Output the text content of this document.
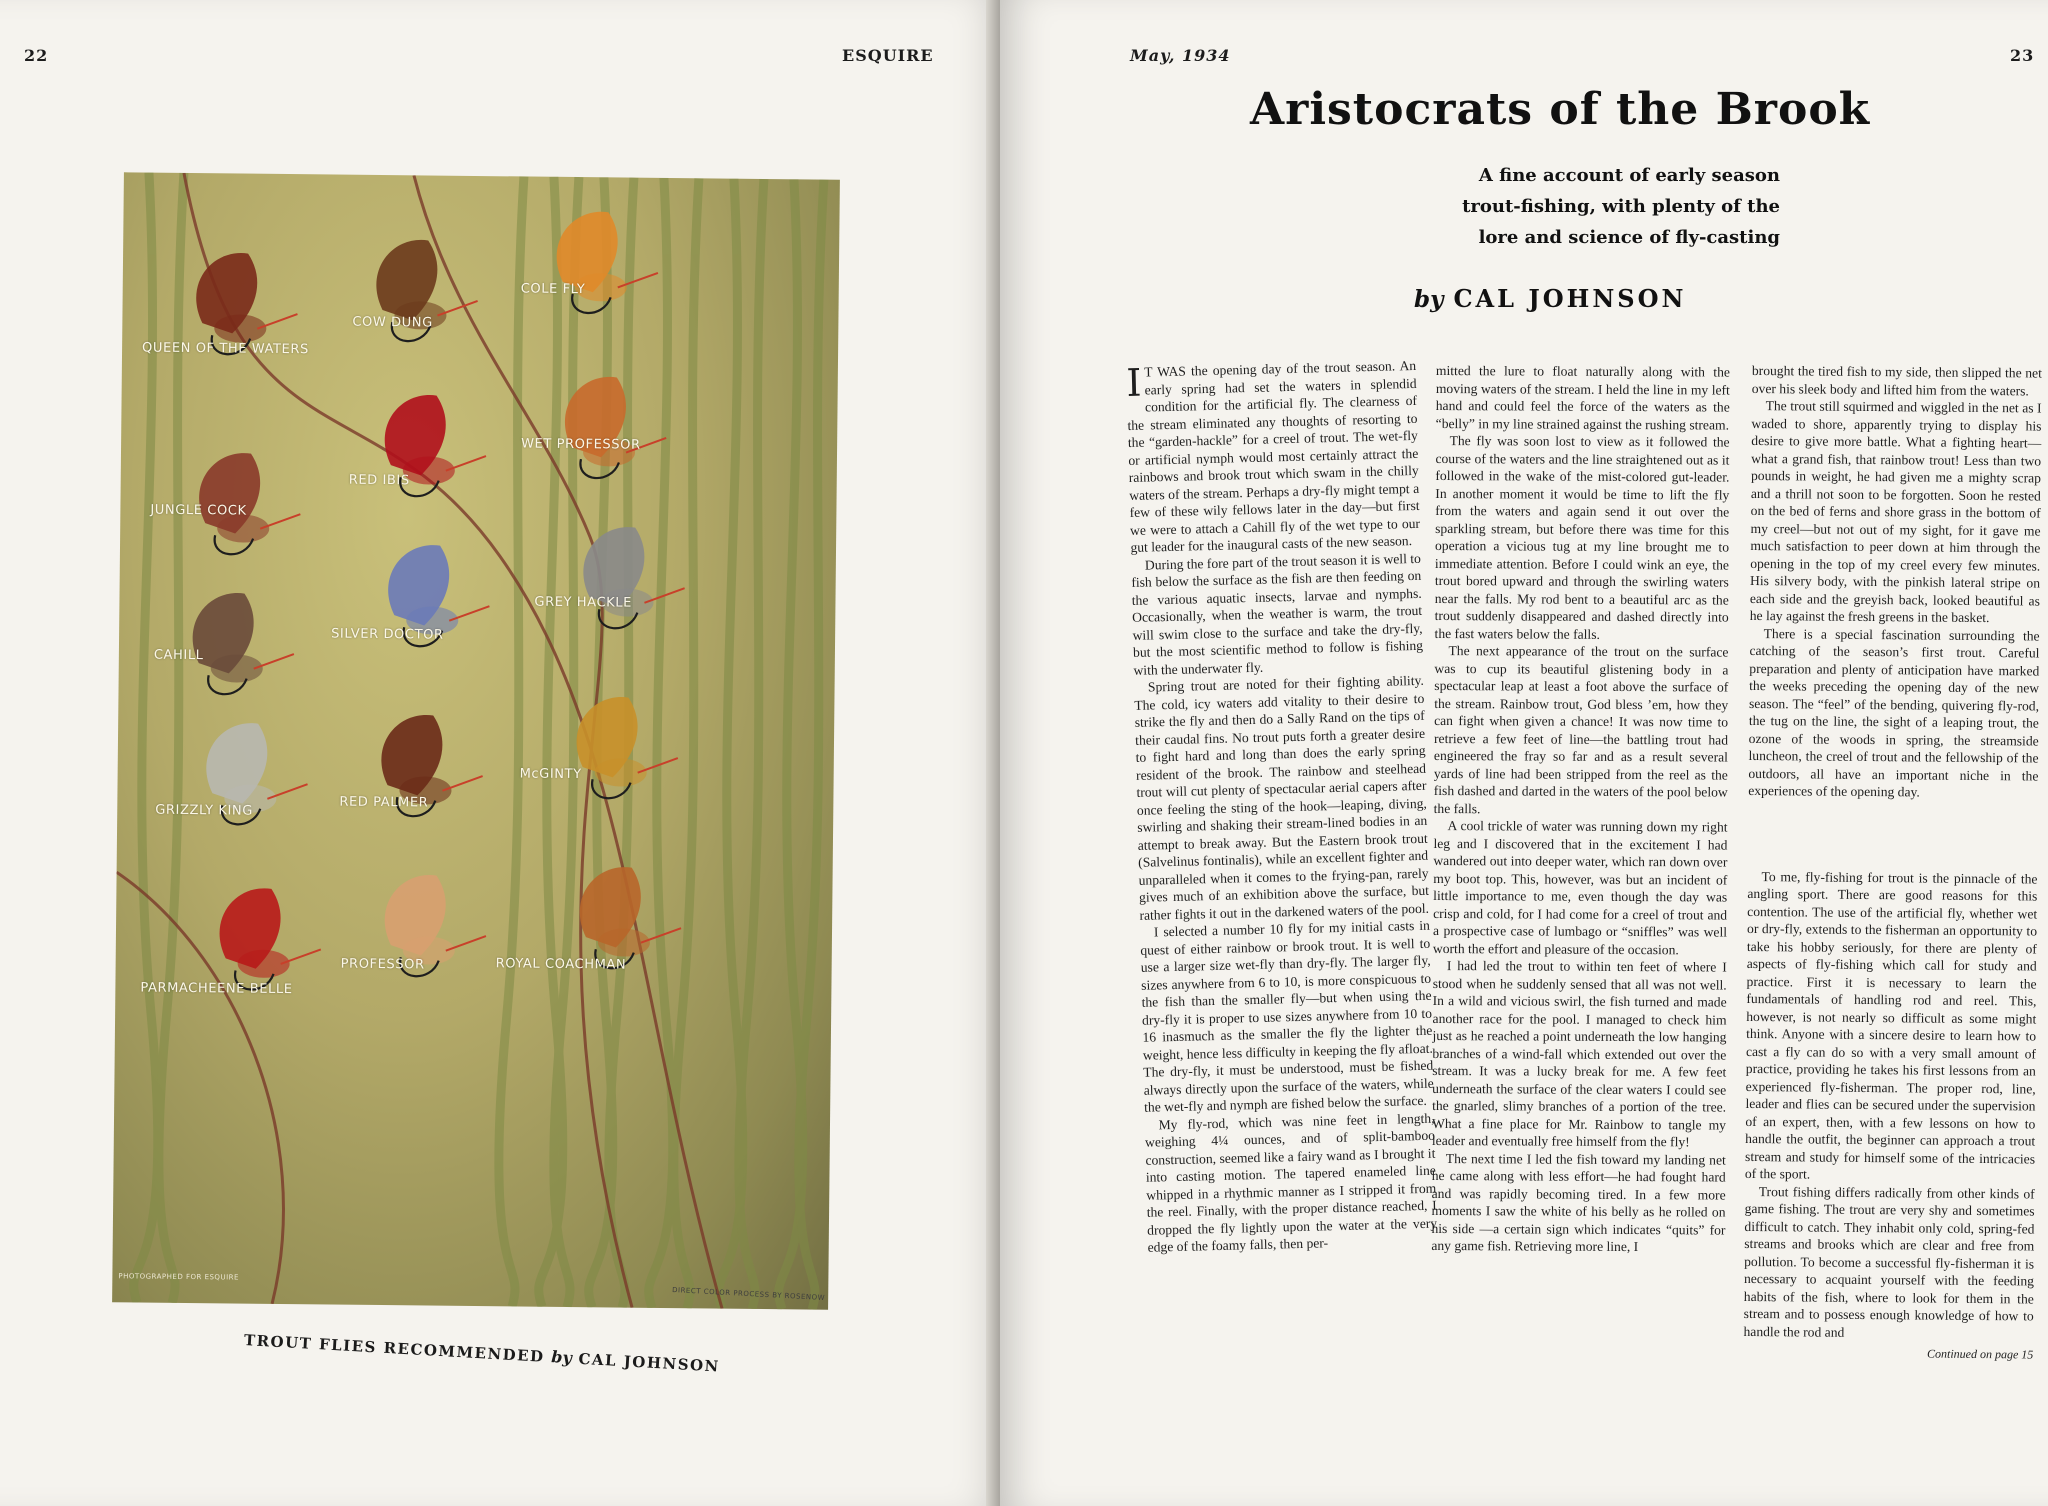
22	ESQUIRE
QUEEN OF THE WATERS
COW DUNG
COLE FLY
RED IBIS
WET PROFESSOR
JUNGLE COCK
SILVER DOCTOR
GREY HACKLE
CAHILL
McGINTY
GRIZZLY KING
RED PALMER
PARMACHEENE BELLE
PROFESSOR	ROYAL COACHMAN
PHOTOGRAPHED FOR ESQUIRE
DIRECT COLOR PROCESS BY ROSENOW
TROUT FLIES RECOMMENDED by CAL JOHNSON
May, 1934	23
Aristocrats of the Brook
A fine account of early season
trout-fishing, with plenty of the
lore and science of fly-casting
by CAL JOHNSON

I T WAS the opening day of the trout season. An early spring had set the waters in splendid condition for the artificial fly. The clearness of the stream eliminated any thoughts of resorting to the “garden-hackle” for a creel of trout. The wet-fly or artificial nymph would most certainly attract the rainbows and brook trout which swam in the chilly waters of the stream. Perhaps a dry-fly might tempt a few of these wily fellows later in the day—but first we were to attach a Cahill fly of the wet type to our gut leader for the inaugural casts of the new season.

During the fore part of the trout season it is well to fish below the surface as the fish are then feeding on the various aquatic insects, larvae and nymphs. Occasionally, when the weather is warm, the trout will swim close to the surface and take the dry-fly, but the most scientific method to follow is fishing with the underwater fly.

Spring trout are noted for their fighting ability. The cold, icy waters add vitality to their desire to strike the fly and then do a Sally Rand on the tips of their caudal fins. No trout puts forth a greater desire to fight hard and long than does the early spring resident of the brook. The rainbow and steelhead trout will cut plenty of spectacular aerial capers after once feeling the sting of the hook—leaping, diving, swirling and shaking their stream-lined bodies in an attempt to break away. But the Eastern brook trout (Salvelinus fontinalis), while an excellent fighter and unparalleled when it comes to the frying-pan, rarely gives much of an exhibition above the surface, but rather fights it out in the darkened waters of the pool.

I selected a number 10 fly for my initial casts in quest of either rainbow or brook trout. It is well to use a larger size wet-fly than dry-fly. The larger fly, sizes anywhere from 6 to 10, is more conspicuous to the fish than the smaller fly—but when using the dry-fly it is proper to use sizes anywhere from 10 to 16 inasmuch as the smaller the fly the lighter the weight, hence less difficulty in keeping the fly afloat. The dry-fly, it must be understood, must be fished always directly upon the surface of the waters, while the wet-fly and nymph are fished below the surface.

My fly-rod, which was nine feet in length, weighing 4¼ ounces, and of split-bamboo construction, seemed like a fairy wand as I brought it into casting motion. The tapered enameled line whipped in a rhythmic manner as I stripped it from the reel. Finally, with the proper distance reached, I dropped the fly lightly upon the water at the very edge of the foamy falls, then per-

mitted the lure to float naturally along with the moving waters of the stream. I held the line in my left hand and could feel the force of the waters as the “belly” in my line strained against the rushing stream.

The fly was soon lost to view as it followed the course of the waters and the line straightened out as it followed in the wake of the mist-colored gut-leader. In another moment it would be time to lift the fly from the waters and again send it out over the sparkling stream, but before there was time for this operation a vicious tug at my line brought me to immediate attention. Before I could wink an eye, the trout bored upward and through the swirling waters near the falls. My rod bent to a beautiful arc as the trout suddenly disappeared and dashed directly into the fast waters below the falls.

The next appearance of the trout on the surface was to cup its beautiful glistening body in a spectacular leap at least a foot above the surface of the stream. Rainbow trout, God bless ’em, how they can fight when given a chance! It was now time to retrieve a few feet of line—the battling trout had engineered the fray so far and as a result several yards of line had been stripped from the reel as the fish dashed and darted in the waters of the pool below the falls.

A cool trickle of water was running down my right leg and I discovered that in the excitement I had wandered out into deeper water, which ran down over my boot top. This, however, was but an incident of little importance to me, even though the day was crisp and cold, for I had come for a creel of trout and a prospective case of lumbago or “sniffles” was well worth the effort and pleasure of the occasion.

I had led the trout to within ten feet of where I stood when he suddenly sensed that all was not well. In a wild and vicious swirl, the fish turned and made another race for the pool. I managed to check him just as he reached a point underneath the low hanging branches of a wind-fall which extended out over the stream. It was a lucky break for me. A few feet underneath the surface of the clear waters I could see the gnarled, slimy branches of a portion of the tree. What a fine place for Mr. Rainbow to tangle my leader and eventually free himself from the fly!

The next time I led the fish toward my landing net he came along with less effort—he had fought hard and was rapidly becoming tired. In a few more moments I saw the white of his belly as he rolled on his side —a certain sign which indicates “quits” for any game fish. Retrieving more line, I

brought the tired fish to my side, then slipped the net over his sleek body and lifted him from the waters.

The trout still squirmed and wiggled in the net as I waded to shore, apparently trying to display his desire to give more battle. What a fighting heart—what a grand fish, that rainbow trout! Less than two pounds in weight, he had given me a mighty scrap and a thrill not soon to be forgotten. Soon he rested on the bed of ferns and shore grass in the bottom of my creel—but not out of my sight, for it gave me much satisfaction to peer down at him through the opening in the top of my creel every few minutes. His silvery body, with the pinkish lateral stripe on each side and the greyish back, looked beautiful as he lay against the fresh greens in the basket.

There is a special fascination surrounding the catching of the season’s first trout. Careful preparation and plenty of anticipation have marked the weeks preceding the opening day of the new season. The “feel” of the bending, quivering fly-rod, the tug on the line, the sight of a leaping trout, the ozone of the woods in spring, the streamside luncheon, the creel of trout and the fellowship of the outdoors, all have an important niche in the experiences of the opening day.

To me, fly-fishing for trout is the pinnacle of the angling sport. There are good reasons for this contention. The use of the artificial fly, whether wet or dry-fly, extends to the fisherman an opportunity to take his hobby seriously, for there are plenty of aspects of fly-fishing which call for study and practice. First it is necessary to learn the fundamentals of handling rod and reel. This, however, is not nearly so difficult as some might think. Anyone with a sincere desire to learn how to cast a fly can do so with a very small amount of practice, providing he takes his first lessons from an experienced fly-fisherman. The proper rod, line, leader and flies can be secured under the supervision of an expert, then, with a few lessons on how to handle the outfit, the beginner can approach a trout stream and study for himself some of the intricacies of the sport.

Trout fishing differs radically from other kinds of game fishing. The trout are very shy and sometimes difficult to catch. They inhabit only cold, spring-fed streams and brooks which are clear and free from pollution. To become a successful fly-fisherman it is necessary to acquaint yourself with the feeding habits of the fish, where to look for them in the stream and to possess enough knowledge of how to handle the rod and

Continued on page 15
